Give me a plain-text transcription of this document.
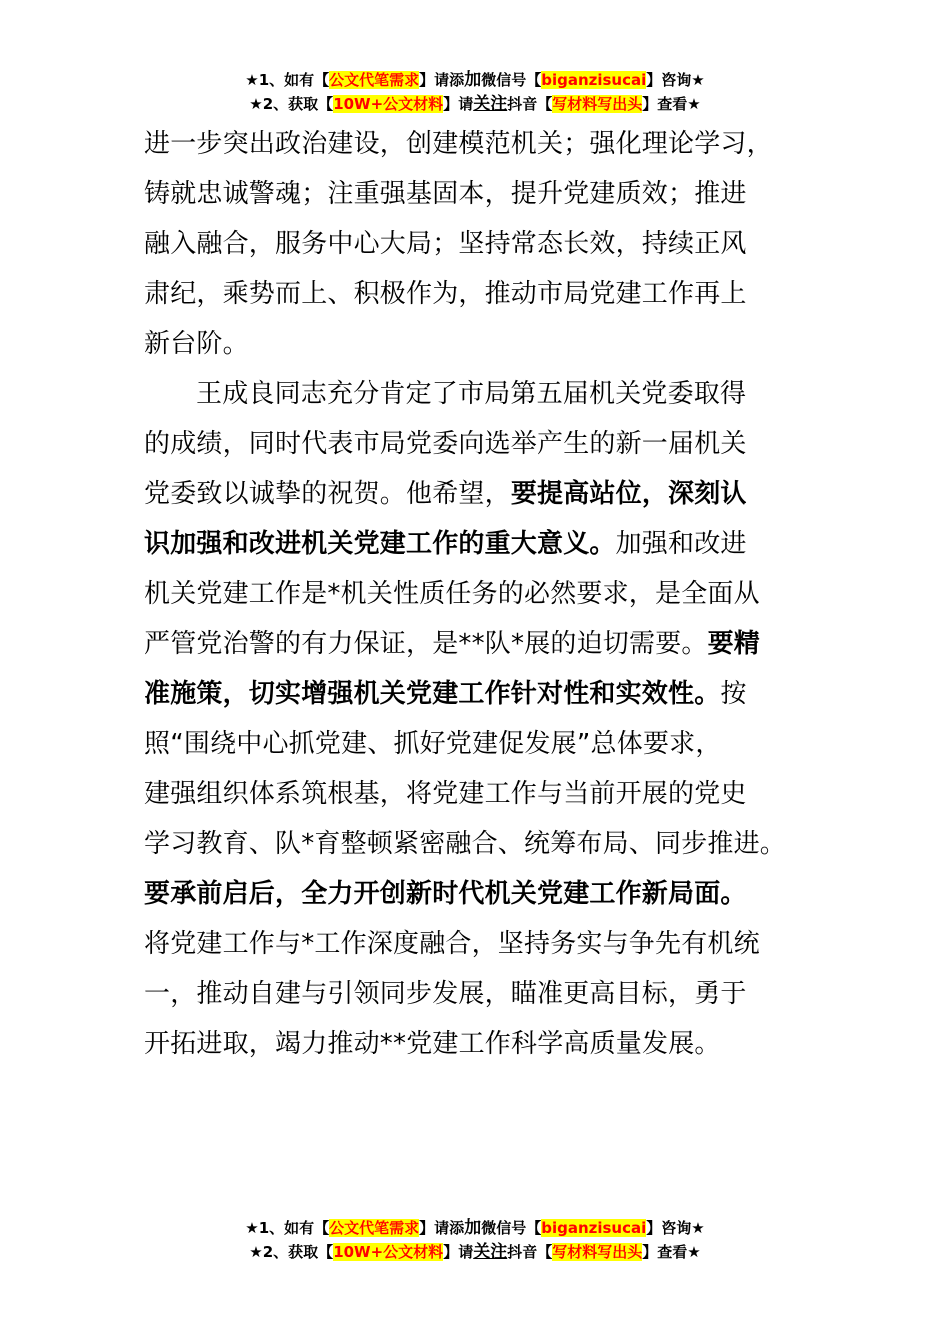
★1、如有【公文代笔需求】请添加微信号【biganzisucai】咨询★
★2、获取【10W+公文材料】请关注抖音【写材料写出头】查看★
进一步突出政治建设，创建模范机关；强化理论学习，
铸就忠诚警魂；注重强基固本，提升党建质效；推进
融入融合，服务中心大局；坚持常态长效，持续正风
肃纪，乘势而上、积极作为，推动市局党建工作再上
新台阶。
王成良同志充分肯定了市局第五届机关党委取得
的成绩，同时代表市局党委向选举产生的新一届机关
党委致以诚挚的祝贺。他希望，要提高站位，深刻认
识加强和改进机关党建工作的重大意义。加强和改进
机关党建工作是*机关性质任务的必然要求，是全面从
严管党治警的有力保证，是**队*展的迫切需要。要精
准施策，切实增强机关党建工作针对性和实效性。按
照“围绕中心抓党建、抓好党建促发展”总体要求，
建强组织体系筑根基，将党建工作与当前开展的党史
学习教育、队*育整顿紧密融合、统筹布局、同步推进。
要承前启后，全力开创新时代机关党建工作新局面。
将党建工作与*工作深度融合，坚持务实与争先有机统
一，推动自建与引领同步发展，瞄准更高目标，勇于
开拓进取，竭力推动**党建工作科学高质量发展。
★1、如有【公文代笔需求】请添加微信号【biganzisucai】咨询★
★2、获取【10W+公文材料】请关注抖音【写材料写出头】查看★
